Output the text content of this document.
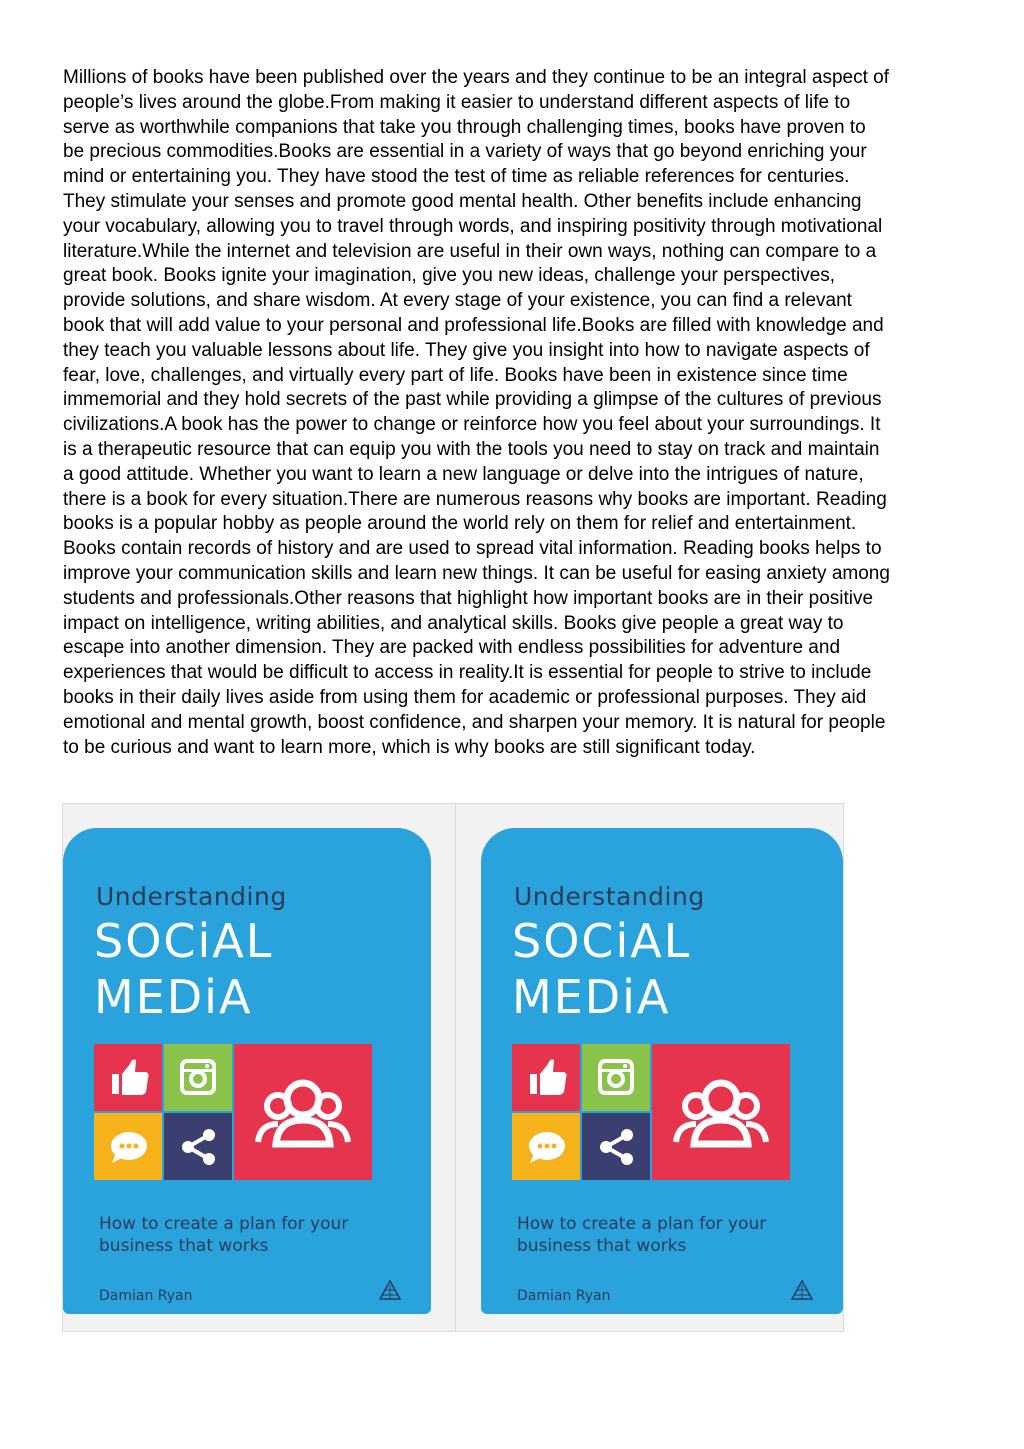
Millions of books have been published over the years and they continue to be an integral aspect of
people’s lives around the globe.From making it easier to understand different aspects of life to
serve as worthwhile companions that take you through challenging times, books have proven to
be precious commodities.Books are essential in a variety of ways that go beyond enriching your
mind or entertaining you. They have stood the test of time as reliable references for centuries.
They stimulate your senses and promote good mental health. Other benefits include enhancing
your vocabulary, allowing you to travel through words, and inspiring positivity through motivational
literature.While the internet and television are useful in their own ways, nothing can compare to a
great book. Books ignite your imagination, give you new ideas, challenge your perspectives,
provide solutions, and share wisdom. At every stage of your existence, you can find a relevant
book that will add value to your personal and professional life.Books are filled with knowledge and
they teach you valuable lessons about life. They give you insight into how to navigate aspects of
fear, love, challenges, and virtually every part of life. Books have been in existence since time
immemorial and they hold secrets of the past while providing a glimpse of the cultures of previous
civilizations.A book has the power to change or reinforce how you feel about your surroundings. It
is a therapeutic resource that can equip you with the tools you need to stay on track and maintain
a good attitude. Whether you want to learn a new language or delve into the intrigues of nature,
there is a book for every situation.There are numerous reasons why books are important. Reading
books is a popular hobby as people around the world rely on them for relief and entertainment.
Books contain records of history and are used to spread vital information. Reading books helps to
improve your communication skills and learn new things. It can be useful for easing anxiety among
students and professionals.Other reasons that highlight how important books are in their positive
impact on intelligence, writing abilities, and analytical skills. Books give people a great way to
escape into another dimension. They are packed with endless possibilities for adventure and
experiences that would be difficult to access in reality.It is essential for people to strive to include
books in their daily lives aside from using them for academic or professional purposes. They aid
emotional and mental growth, boost confidence, and sharpen your memory. It is natural for people
to be curious and want to learn more, which is why books are still significant today.
Understanding
SOCiAL
MEDiA
How to create a plan for your
business that works
Damian Ryan
Understanding
SOCiAL
MEDiA
How to create a plan for your
business that works
Damian Ryan
